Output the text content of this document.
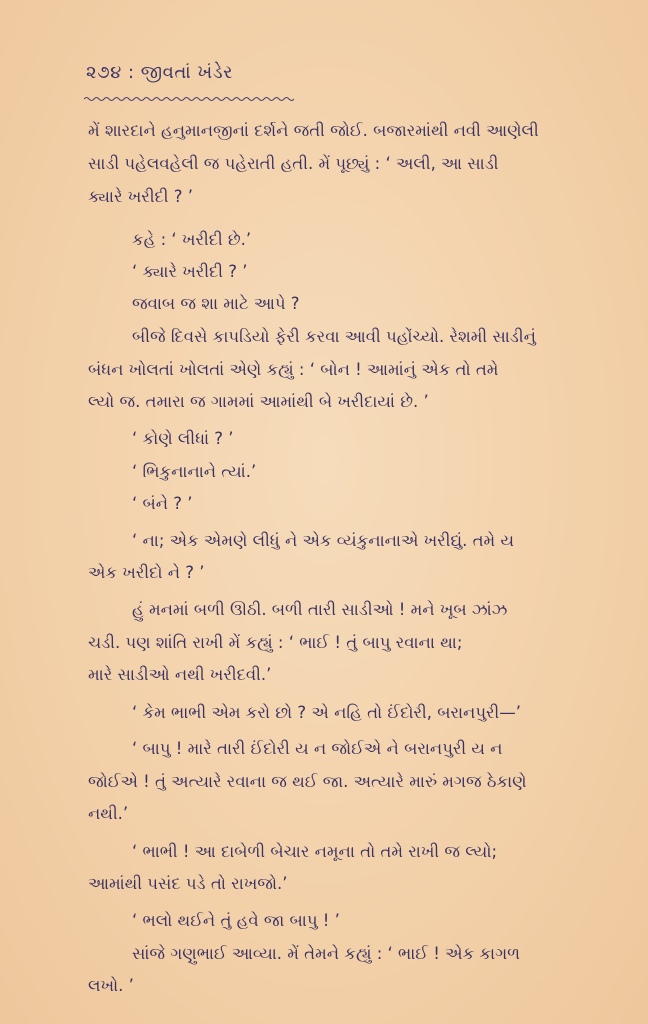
૨૭૪ : જીવતાં ખંડેર
મેં શારદાને હનુમાનજીનાં દર્શને જતી જોઈ. બજારમાંથી નવી આણેલી
સાડી પહેલવહેલી જ પહેરાતી હતી. મેં પૂછ્યું : ‘ અલી, આ સાડી
ક્યારે ખરીદી ? ’
કહે : ‘ ખરીદી છે.’
‘ ક્યારે ખરીદી ? ’
જવાબ જ શા માટે આપે ?
બીજે દિવસે કાપડિયો ફેરી કરવા આવી પહોંચ્યો. રેશમી સાડીનું
બંધન ખોલતાં ખોલતાં એણે કહ્યું : ‘ બોન ! આમાંનું એક તો તમે
લ્યો જ. તમારા જ ગામમાં આમાંથી બે ખરીદાયાં છે. ’
‘ કોણે લીધાં ? ’
‘ ભિકુનાનાને ત્યાં.’
‘ બંને ? ’
‘ ના; એક એમણે લીધું ને એક વ્યંકુનાનાએ ખરીદ્યું. તમે ય
એક ખરીદો ને ? ’
હું મનમાં બળી ઊઠી. બળી તારી સાડીઓ ! મને ખૂબ ઝાંઝ
ચડી. પણ શાંતિ રાખી મેં કહ્યું : ‘ ભાઈ ! તું બાપુ રવાના થા;
મારે સાડીઓ નથી ખરીદવી.’
‘ કેમ ભાભી એમ કરો છો ? એ નહિ તો ઈંદોરી, બરાનપુરી—’
‘ બાપુ ! મારે તારી ઈંદોરી ય ન જોઈએ ને બરાનપુરી ય ન
જોઈએ ! તું અત્યારે રવાના જ થઈ જા. અત્યારે મારું મગજ ઠેકાણે
નથી.’
‘ ભાભી ! આ દાબેળી બેચાર નમૂના તો તમે રાખી જ લ્યો;
આમાંથી પસંદ પડે તો રાખજો.’
‘ ભલો થઈને તું હવે જા બાપુ ! ’
સાંજે ગણુભાઈ આવ્યા. મેં તેમને કહ્યું : ‘ ભાઈ ! એક કાગળ
લખો. ’
